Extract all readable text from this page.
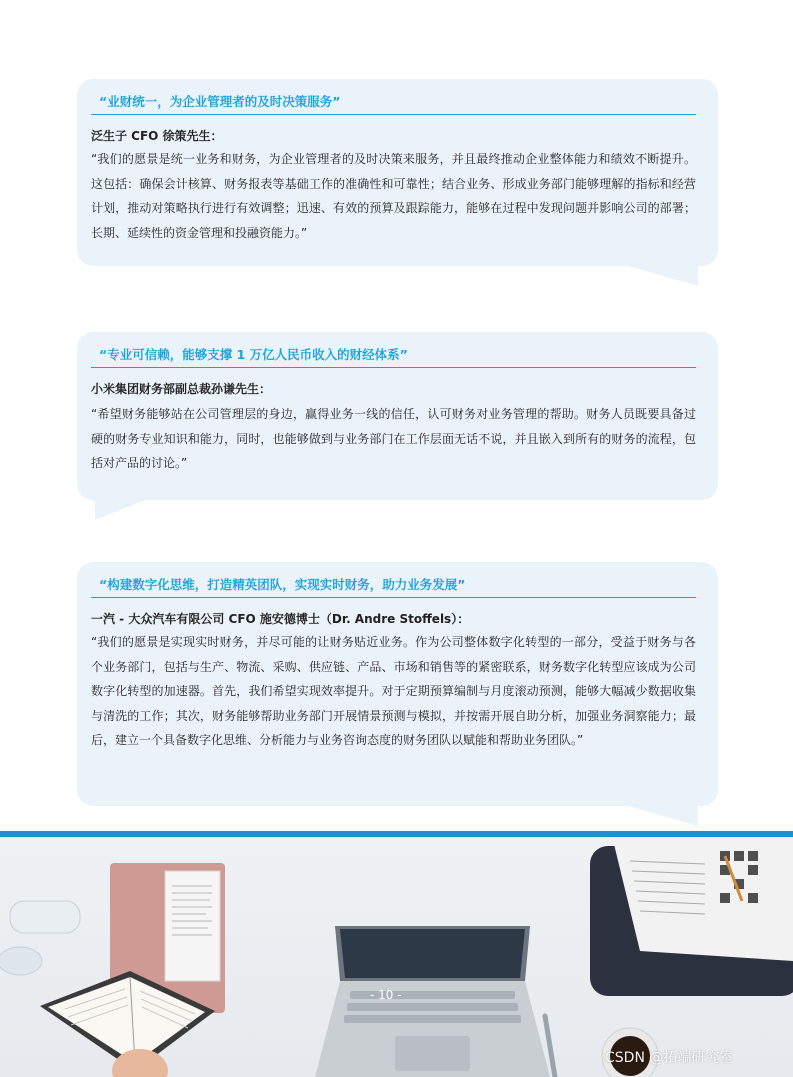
“业财统一，为企业管理者的及时决策服务”
泛生子 CFO 徐策先生：
“我们的愿景是统一业务和财务，为企业管理者的及时决策来服务，并且最终推动企业整体能力和绩效不断提升。这包括：确保会计核算、财务报表等基础工作的准确性和可靠性；结合业务、形成业务部门能够理解的指标和经营计划，推动对策略执行进行有效调整；迅速、有效的预算及跟踪能力，能够在过程中发现问题并影响公司的部署；长期、延续性的资金管理和投融资能力。”
“专业可信赖，能够支撑 1 万亿人民币收入的财经体系”
小米集团财务部副总裁孙谦先生：
“希望财务能够站在公司管理层的身边，赢得业务一线的信任，认可财务对业务管理的帮助。财务人员既要具备过硬的财务专业知识和能力，同时，也能够做到与业务部门在工作层面无话不说，并且嵌入到所有的财务的流程，包括对产品的讨论。”
“构建数字化思维，打造精英团队，实现实时财务，助力业务发展”
一汽 - 大众汽车有限公司 CFO 施安德博士（Dr. Andre Stoffels）：
“我们的愿景是实现实时财务，并尽可能的让财务贴近业务。作为公司整体数字化转型的一部分，受益于财务与各个业务部门，包括与生产、物流、采购、供应链、产品、市场和销售等的紧密联系，财务数字化转型应该成为公司数字化转型的加速器。首先，我们希望实现效率提升。对于定期预算编制与月度滚动预测，能够大幅减少数据收集与清洗的工作；其次，财务能够帮助业务部门开展情景预测与模拟，并按需开展自助分析，加强业务洞察能力；最后，建立一个具备数字化思维、分析能力与业务咨询态度的财务团队以赋能和帮助业务团队。”
- 10 -
CSDN @拓端研究室
